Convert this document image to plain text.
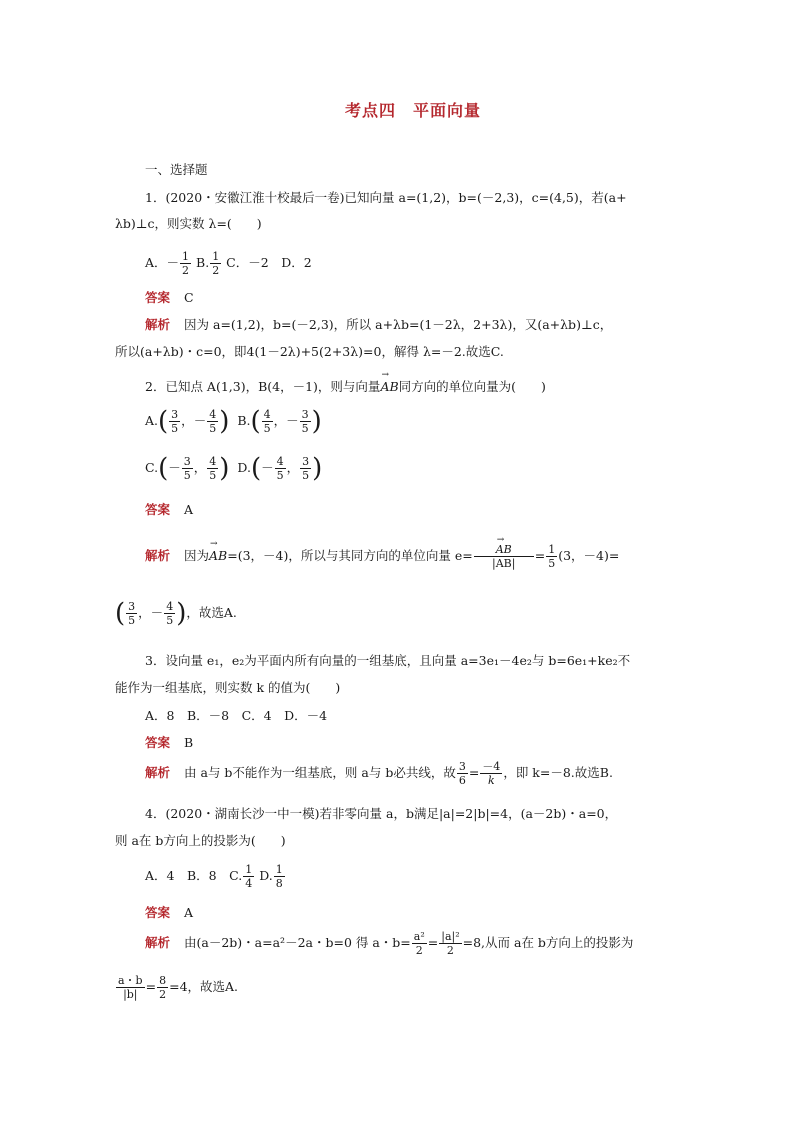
考点四　平面向量
一、选择题
1．(2020・安徽江淮十校最后一卷)已知向量 a=(1,2)，b=(－2,3)，c=(4,5)，若(a+
λb)⊥c，则实数 λ=(　　)
A．－ $\frac{1}{2} B$. $\frac{1}{2}$ C．－2　D．2
答案 C
解析 因为 a=(1,2)，b=(－2,3)，所以 a+λb=(1－2λ，2+3λ)，又(a+λb)⊥c，
所以(a+λb)・c=0，即4(1－2λ)+5(2+3λ)=0，解得 λ=－2.故选C.
2．已知点 A(1,3)，B(4，－1)，则与向量→ AB同方向的单位向量为(　　)
$A.( \frac{3}{5}$ ，－ $\frac{4}{5}$ ) $B.( \frac{4}{5}$ ，－ $\frac{3}{5}$ )
$C.(- \frac{3}{5}$ ， $\frac{4}{5}$ ) $D.(- \frac{4}{5}$ ， $\frac{3}{5}$ )
答案 A
解析 因为→ AB=(3，－4)，所以与其同方向的单位向量 e=
→ $\frac{AB}{|AB|} = \frac{1}{5} (3$，－4)=
( $\frac{3}{5}$ ，－ $\frac{4}{5}$ )，故选A.
3．设向量 e₁，e₂为平面内所有向量的一组基底，且向量 a=3e₁－4e₂与 b=6e₁+ke₂不
能作为一组基底，则实数 k 的值为(　　)
A．8　B．－8　C．4　D．－4
答案 B
解析 由 a与 b不能作为一组基底，则 a与 b必共线，故 $\frac{3}{6} = \frac{-4}{k}$ ，即 k=－8.故选B.
4．(2020・湖南长沙一中一模)若非零向量 a，b满足|a|=2|b|=4，(a－2b)・a=0，
则 a在 b方向上的投影为(　　)
A．4　B．8　C. $\frac{1}{4} D$. $\frac{1}{8}$
答案 A
解析 由(a－2b)・a=a²－2a・b=0 得 a・$b= \frac{\text{a²}}{2} = \frac{\text{|a|²}}{2} =8$,从而 a在 b方向上的投影为
$\frac{a・b}{|b|} = \frac{8}{2} =4$，故选A.
